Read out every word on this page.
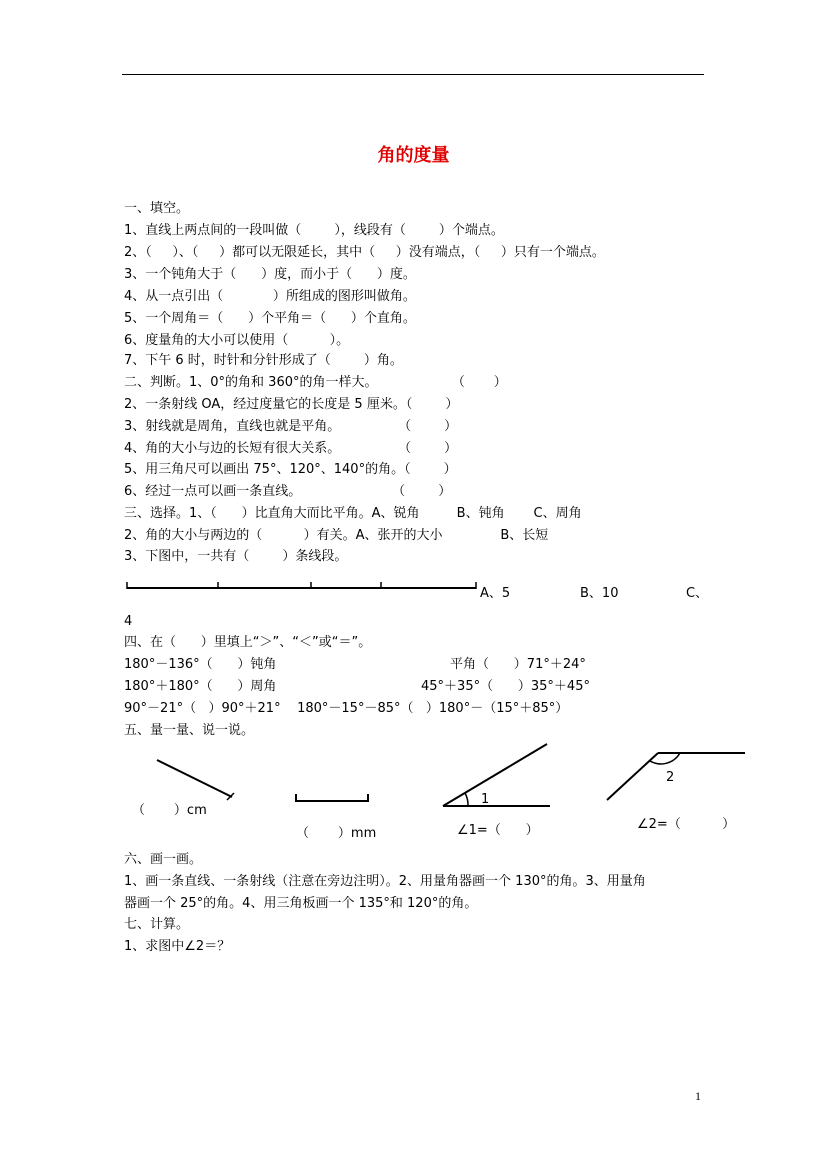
角的度量
一、填空。
1、直线上两点间的一段叫做（        ），线段有（        ）个端点。
2、（     ）、（     ）都可以无限延长，其中（     ）没有端点，（     ）只有一个端点。
3、一个钝角大于（      ）度，而小于（      ）度。
4、从一点引出（            ）所组成的图形叫做角。
5、一个周角＝（      ）个平角＝（      ）个直角。
6、度量角的大小可以使用（          ）。
7、下午 6 时，时针和分针形成了（        ）角。
二、判断。1、0°的角和 360°的角一样大。                  （       ）
2、一条射线 OA，经过度量它的长度是 5 厘米。（        ）
3、射线就是周角，直线也就是平角。              （        ）
4、角的大小与边的长短有很大关系。              （        ）
5、用三角尺可以画出 75°、120°、140°的角。（        ）
6、经过一点可以画一条直线。                      （        ）
三、选择。1、（      ）比直角大而比平角。A、锐角         B、钝角       C、周角
2、角的大小与两边的（          ）有关。A、张开的大小              B、长短
3、下图中，一共有（        ）条线段。
A、5	B、10	C、
4
四、在（      ）里填上“＞”、“＜”或“＝”。
180°－136°（      ）钝角	平角（      ）71°＋24°
180°＋180°（      ）周角	45°＋35°（      ）35°＋45°
90°－21°（   ）90°＋21°    180°－15°－85°（   ）180°－（15°＋85°）
五、量一量、说一说。
（       ）cm
（       ）mm
1
∠1=（      ）
2
∠2=（          ）
六、画一画。
1、画一条直线、一条射线（注意在旁边注明）。2、用量角器画一个 130°的角。3、用量角
器画一个 25°的角。4、用三角板画一个 135°和 120°的角。
七、计算。
1、求图中∠2＝？
1
